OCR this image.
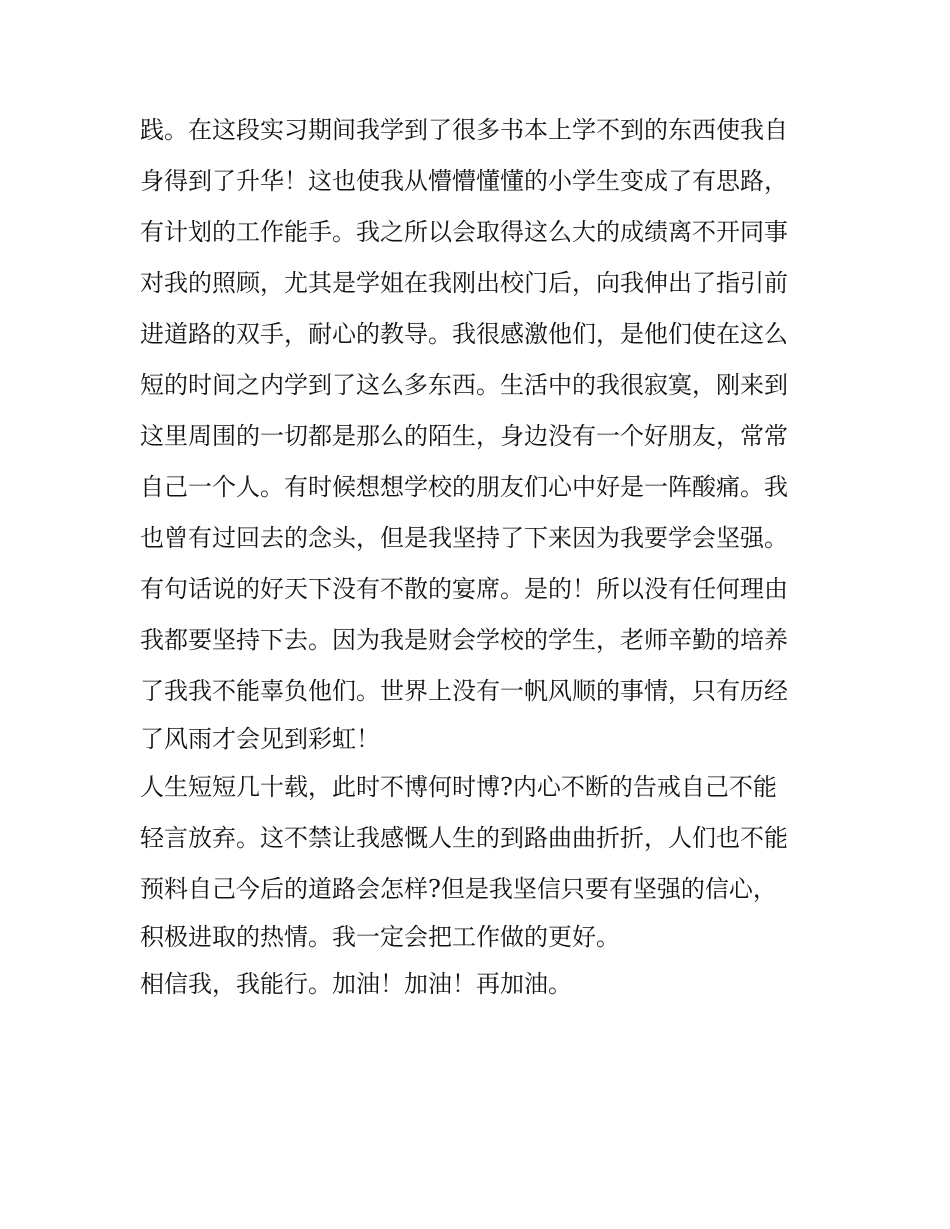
践。在这段实习期间我学到了很多书本上学不到的东西使我自
身得到了升华！这也使我从懵懵懂懂的小学生变成了有思路，
有计划的工作能手。我之所以会取得这么大的成绩离不开同事
对我的照顾，尤其是学姐在我刚出校门后，向我伸出了指引前
进道路的双手，耐心的教导。我很感激他们，是他们使在这么
短的时间之内学到了这么多东西。生活中的我很寂寞，刚来到
这里周围的一切都是那么的陌生，身边没有一个好朋友，常常
自己一个人。有时候想想学校的朋友们心中好是一阵酸痛。我
也曾有过回去的念头，但是我坚持了下来因为我要学会坚强。
有句话说的好天下没有不散的宴席。是的！所以没有任何理由
我都要坚持下去。因为我是财会学校的学生，老师辛勤的培养
了我我不能辜负他们。世界上没有一帆风顺的事情，只有历经
了风雨才会见到彩虹！
人生短短几十载，此时不博何时博?内心不断的告戒自己不能
轻言放弃。这不禁让我感慨人生的到路曲曲折折，人们也不能
预料自己今后的道路会怎样?但是我坚信只要有坚强的信心，
积极进取的热情。我一定会把工作做的更好。
相信我，我能行。加油！加油！再加油。
